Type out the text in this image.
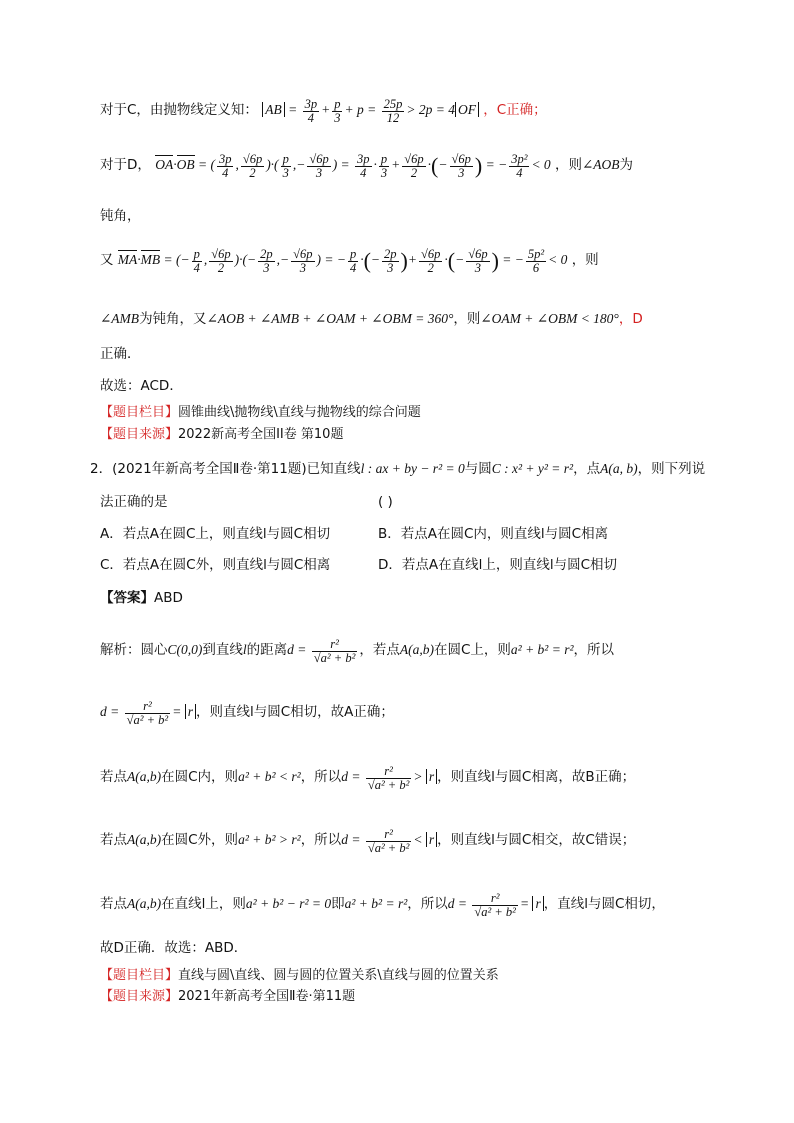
对于C，由抛物线定义知： AB = $\frac{3p}{4} + \frac{p}{3} + p = \frac{25p}{12} > 2p = 4$ OF ，C正确；
对于D， OA·OB = ( $\frac{3p}{4}$ , $\frac{√6p}{2}$ )·( $\frac{p}{3}$ ,− $\frac{√6p}{3}$ ) = $\frac{3p}{4} \cdot \frac{p}{3} + \frac{√6p}{2}$ ·(− $\frac{√6p}{3}$ ) = − $\frac{\text{3p²}}{4} < 0$ ，则∠AOB为
钝角，
又 MA·MB = (− $\frac{p}{4}$ , $\frac{√6p}{2}$ )·(− $\frac{2p}{3}$ ,− $\frac{√6p}{3}$ ) = − $\frac{p}{4}$ ·(− $\frac{2p}{3}$ )+ $\frac{√6p}{2}$ ·(− $\frac{√6p}{3}$ ) = − $\frac{\text{5p²}}{6} < 0$ ，则
∠AMB为钝角，又∠AOB + ∠AMB + ∠OAM + ∠OBM = 360°，则∠OAM + ∠OBM < 180°，D
正确．
故选：ACD．
【题目栏目】圆锥曲线\抛物线\直线与抛物线的综合问题
【题目来源】2022新高考全国II卷 第10题
2．(2021年新高考全国Ⅱ卷·第11题)已知直线l : ax + by − r² = 0与圆C : x² + y² = r²，点A(a, b)，则下列说
法正确的是	( )
A．若点A在圆C上，则直线l与圆C相切	B．若点A在圆C内，则直线l与圆C相离
C．若点A在圆C外，则直线l与圆C相离	D．若点A在直线l上，则直线l与圆C相切
【答案】ABD
解析：圆心C(0,0)到直线l的距离$d = \frac{\text{r²}}{\text{√a² + b²}}$ ，若点A(a,b)在圆C上，则a² + b² = r²，所以
$d = \frac{\text{r²}}{\text{√a² + b²}} = r$ ，则直线l与圆C相切，故A正确；
若点A(a,b)在圆C内，则a² + b² < r²，所以$d = \frac{\text{r²}}{\text{√a² + b²}} > r$ ，则直线l与圆C相离，故B正确；
若点A(a,b)在圆C外，则a² + b² > r²，所以$d = \frac{\text{r²}}{\text{√a² + b²}} < r$ ，则直线l与圆C相交，故C错误；
若点A(a,b)在直线l上，则a² + b² − r² = 0即a² + b² = r²，所以$d = \frac{\text{r²}}{\text{√a² + b²}} = r$ ，直线l与圆C相切，
故D正确．故选：ABD．
【题目栏目】直线与圆\直线、圆与圆的位置关系\直线与圆的位置关系
【题目来源】2021年新高考全国Ⅱ卷·第11题
